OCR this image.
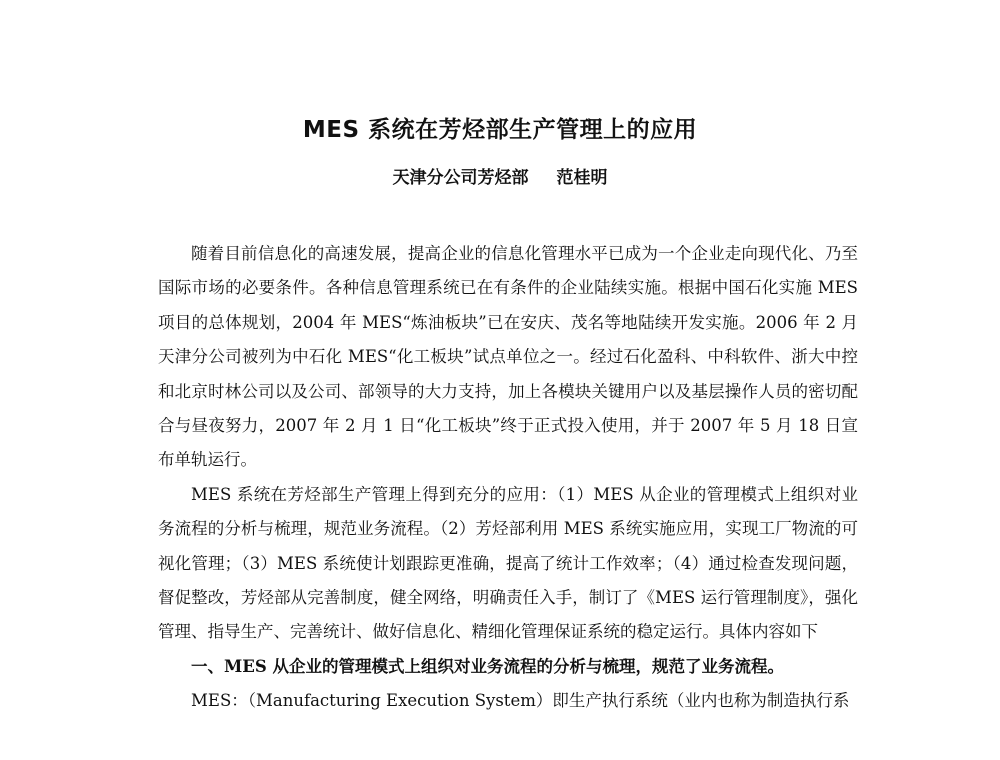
MES 系统在芳烃部生产管理上的应用
天津分公司芳烃部 范桂明

随着目前信息化的高速发展，提高企业的信息化管理水平已成为一个企业走向现代化、乃至国际市场的必要条件。各种信息管理系统已在有条件的企业陆续实施。根据中国石化实施 MES 项目的总体规划，2004 年 MES“炼油板块”已在安庆、茂名等地陆续开发实施。2006 年 2 月天津分公司被列为中石化 MES“化工板块”试点单位之一。经过石化盈科、中科软件、浙大中控和北京时林公司以及公司、部领导的大力支持，加上各模块关键用户以及基层操作人员的密切配合与昼夜努力，2007 年 2 月 1 日“化工板块”终于正式投入使用，并于 2007 年 5 月 18 日宣布单轨运行。

MES 系统在芳烃部生产管理上得到充分的应用：（1）MES 从企业的管理模式上组织对业务流程的分析与梳理，规范业务流程。（2）芳烃部利用 MES 系统实施应用，实现工厂物流的可视化管理；（3）MES 系统使计划跟踪更准确，提高了统计工作效率；（4）通过检查发现问题，督促整改，芳烃部从完善制度，健全网络，明确责任入手，制订了《MES 运行管理制度》，强化管理、指导生产、完善统计、做好信息化、精细化管理保证系统的稳定运行。具体内容如下

一、MES 从企业的管理模式上组织对业务流程的分析与梳理，规范了业务流程。

MES：（Manufacturing Execution System）即生产执行系统（业内也称为制造执行系
